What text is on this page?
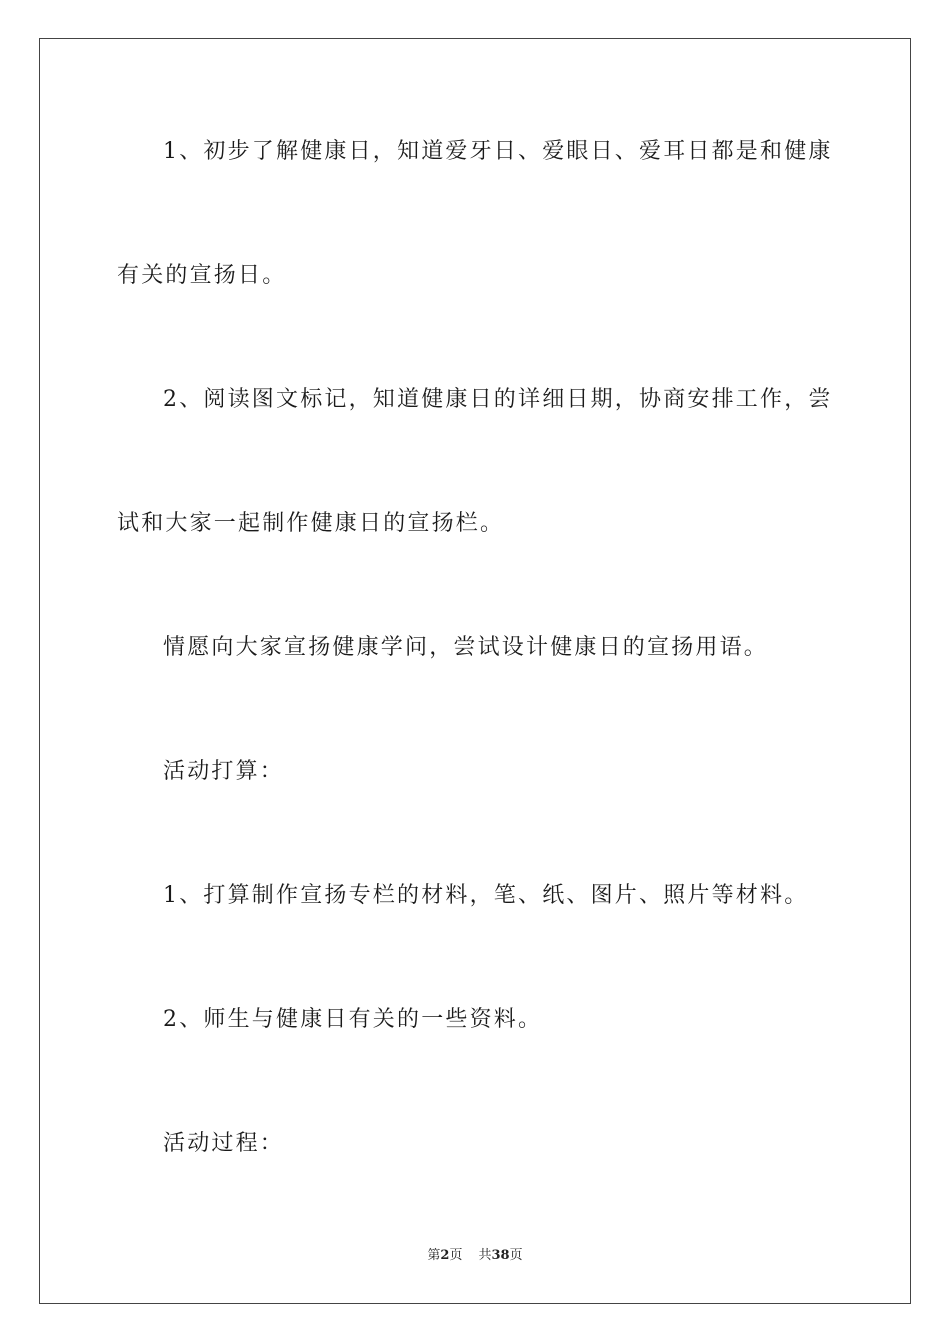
1、初步了解健康日，知道爱牙日、爱眼日、爱耳日都是和健康
有关的宣扬日。
2、阅读图文标记，知道健康日的详细日期，协商安排工作，尝
试和大家一起制作健康日的宣扬栏。
情愿向大家宣扬健康学问，尝试设计健康日的宣扬用语。
活动打算：
1、打算制作宣扬专栏的材料，笔、纸、图片、照片等材料。
2、师生与健康日有关的一些资料。
活动过程：
第2页 共38页
